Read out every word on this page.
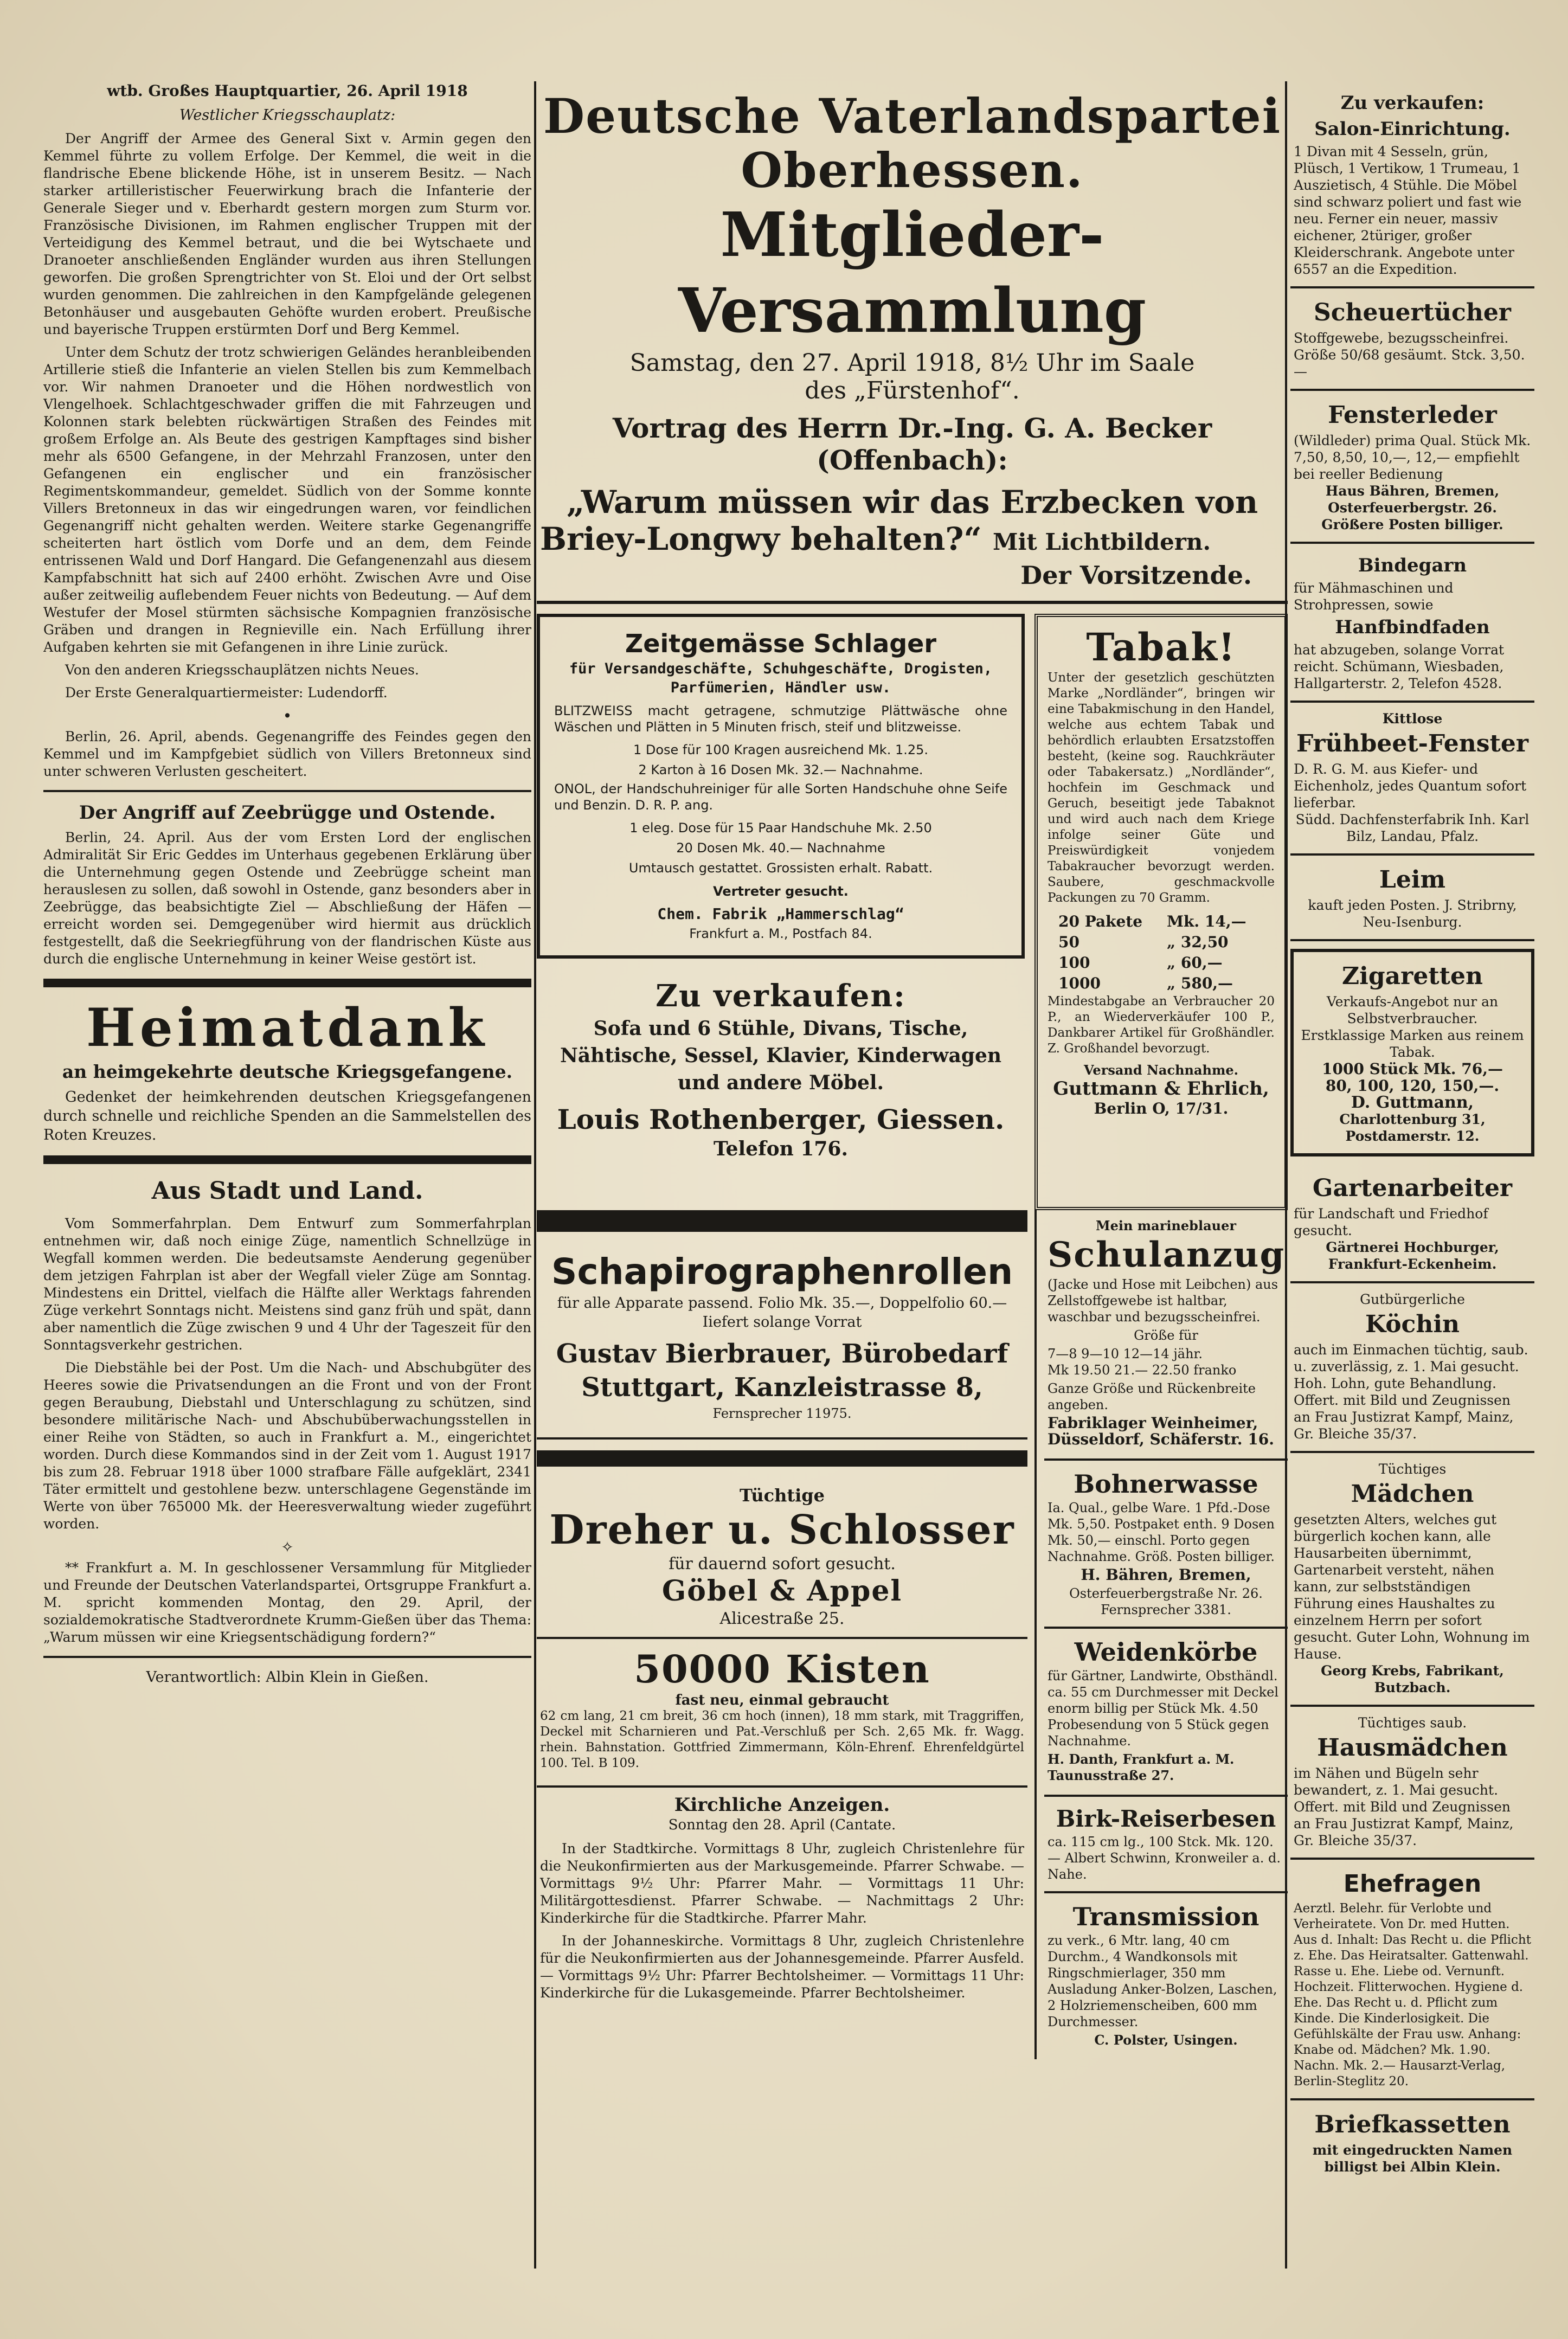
wtb. Großes Hauptquartier, 26. April 1918

Westlicher Kriegsschauplatz:

Der Angriff der Armee des General Sixt v. Armin gegen den Kemmel führte zu vollem Erfolge. Der Kemmel, die weit in die flandrische Ebene blickende Höhe, ist in unserem Besitz. — Nach starker artilleristischer Feuerwirkung brach die Infanterie der Generale Sieger und v. Eberhardt gestern morgen zum Sturm vor. Französische Divisionen, im Rahmen englischer Truppen mit der Verteidigung des Kemmel betraut, und die bei Wytschaete und Dranoeter anschließenden Engländer wurden aus ihren Stellungen geworfen. Die großen Sprengtrichter von St. Eloi und der Ort selbst wurden genommen. Die zahlreichen in den Kampfgelände gelegenen Betonhäuser und ausgebauten Gehöfte wurden erobert. Preußische und bayerische Truppen erstürmten Dorf und Berg Kemmel.

Unter dem Schutz der trotz schwierigen Geländes heranbleibenden Artillerie stieß die Infanterie an vielen Stellen bis zum Kemmelbach vor. Wir nahmen Dranoeter und die Höhen nordwestlich von Vlengelhoek. Schlachtgeschwader griffen die mit Fahrzeugen und Kolonnen stark belebten rückwärtigen Straßen des Feindes mit großem Erfolge an. Als Beute des gestrigen Kampftages sind bisher mehr als 6500 Gefangene, in der Mehrzahl Franzosen, unter den Gefangenen ein englischer und ein französischer Regimentskommandeur, gemeldet. Südlich von der Somme konnte Villers Bretonneux in das wir eingedrungen waren, vor feindlichen Gegenangriff nicht gehalten werden. Weitere starke Gegenangriffe scheiterten hart östlich vom Dorfe und an dem, dem Feinde entrissenen Wald und Dorf Hangard. Die Gefangenenzahl aus diesem Kampfabschnitt hat sich auf 2400 erhöht. Zwischen Avre und Oise außer zeitweilig auflebendem Feuer nichts von Bedeutung. — Auf dem Westufer der Mosel stürmten sächsische Kompagnien französische Gräben und drangen in Regnieville ein. Nach Erfüllung ihrer Aufgaben kehrten sie mit Gefangenen in ihre Linie zurück.

Von den anderen Kriegsschauplätzen nichts Neues.

Der Erste Generalquartiermeister: Ludendorff.

•

Berlin, 26. April, abends. Gegenangriffe des Feindes gegen den Kemmel und im Kampfgebiet südlich von Villers Bretonneux sind unter schweren Verlusten gescheitert.

Der Angriff auf Zeebrügge und Ostende.

Berlin, 24. April. Aus der vom Ersten Lord der englischen Admiralität Sir Eric Geddes im Unterhaus gegebenen Erklärung über die Unternehmung gegen Ostende und Zeebrügge scheint man herauslesen zu sollen, daß sowohl in Ostende, ganz besonders aber in Zeebrügge, das beabsichtigte Ziel — Abschließung der Häfen — erreicht worden sei. Demgegenüber wird hiermit aus drücklich festgestellt, daß die Seekriegführung von der flandrischen Küste aus durch die englische Unternehmung in keiner Weise gestört ist.

Heimatdank

an heimgekehrte deutsche Kriegsgefangene.

Gedenket der heimkehrenden deutschen Kriegsgefangenen durch schnelle und reichliche Spenden an die Sammelstellen des Roten Kreuzes.

Aus Stadt und Land.

Vom Sommerfahrplan. Dem Entwurf zum Sommerfahrplan entnehmen wir, daß noch einige Züge, namentlich Schnellzüge in Wegfall kommen werden. Die bedeutsamste Aenderung gegenüber dem jetzigen Fahrplan ist aber der Wegfall vieler Züge am Sonntag. Mindestens ein Drittel, vielfach die Hälfte aller Werktags fahrenden Züge verkehrt Sonntags nicht. Meistens sind ganz früh und spät, dann aber namentlich die Züge zwischen 9 und 4 Uhr der Tageszeit für den Sonntagsverkehr gestrichen.

Die Diebstähle bei der Post. Um die Nach- und Abschubgüter des Heeres sowie die Privatsendungen an die Front und von der Front gegen Beraubung, Diebstahl und Unterschlagung zu schützen, sind besondere militärische Nach- und Abschubüberwachungsstellen in einer Reihe von Städten, so auch in Frankfurt a. M., eingerichtet worden. Durch diese Kommandos sind in der Zeit vom 1. August 1917 bis zum 28. Februar 1918 über 1000 strafbare Fälle aufgeklärt, 2341 Täter ermittelt und gestohlene bezw. unterschlagene Gegenstände im Werte von über 765000 Mk. der Heeresverwaltung wieder zugeführt worden.

✧

** Frankfurt a. M. In geschlossener Versammlung für Mitglieder und Freunde der Deutschen Vaterlandspartei, Ortsgruppe Frankfurt a. M. spricht kommenden Montag, den 29. April, der sozialdemokratische Stadtverordnete Krumm-Gießen über das Thema: „Warum müssen wir eine Kriegsentschädigung fordern?“

Verantwortlich: Albin Klein in Gießen.

Deutsche Vaterlandspartei

Oberhessen.

Mitglieder-Versammlung

Samstag, den 27. April 1918, 8½ Uhr im Saale

des „Fürstenhof“.

Vortrag des Herrn Dr.-Ing. G. A. Becker (Offenbach):

„Warum müssen wir das Erzbecken von

Briey-Longwy behalten?“ Mit Lichtbildern.

Der Vorsitzende.

Zeitgemässe Schlager

für Versandgeschäfte, Schuhgeschäfte, Drogisten, Parfümerien, Händler usw.

BLITZWEISS macht getragene, schmutzige Plättwäsche ohne Wäschen und Plätten in 5 Minuten frisch, steif und blitzweisse.

1 Dose für 100 Kragen ausreichend Mk. 1.25.

2 Karton à 16 Dosen Mk. 32.— Nachnahme.

ONOL, der Handschuhreiniger für alle Sorten Handschuhe ohne Seife und Benzin. D. R. P. ang.

1 eleg. Dose für 15 Paar Handschuhe Mk. 2.50

20 Dosen Mk. 40.— Nachnahme

Umtausch gestattet. Grossisten erhalt. Rabatt.

Vertreter gesucht.

Chem. Fabrik „Hammerschlag“

Frankfurt a. M., Postfach 84.

Zu verkaufen:

Sofa und 6 Stühle, Divans, Tische, Nähtische, Sessel, Klavier, Kinderwagen und andere Möbel.

Louis Rothenberger, Giessen.

Telefon 176.

Tabak!

Unter der gesetzlich geschützten Marke „Nordländer“, bringen wir eine Tabakmischung in den Handel, welche aus echtem Tabak und behördlich erlaubten Ersatzstoffen besteht, (keine sog. Rauchkräuter oder Tabakersatz.) „Nordländer“, hochfein im Geschmack und Geruch, beseitigt jede Tabaknot und wird auch nach dem Kriege infolge seiner Güte und Preiswürdigkeit vonjedem Tabakraucher bevorzugt werden. Saubere, geschmackvolle Packungen zu 70 Gramm.

20 Pakete Mk. 14,—
50	„ 32,50
100	„ 60,—
1000	„ 580,—

Mindestabgabe an Verbraucher 20 P., an Wiederverkäufer 100 P., Dankbarer Artikel für Großhändler. Z. Großhandel bevorzugt.

Versand Nachnahme.

Guttmann & Ehrlich,

Berlin O, 17/31.

Schapirographenrollen

für alle Apparate passend. Folio Mk. 35.—, Doppelfolio 60.— Iiefert solange Vorrat

Gustav Bierbrauer, Bürobedarf

Stuttgart, Kanzleistrasse 8,

Fernsprecher 11975.

Tüchtige

Dreher u. Schlosser

für dauernd sofort gesucht.

Göbel & Appel

Alicestraße 25.

50000 Kisten

fast neu, einmal gebraucht

62 cm lang, 21 cm breit, 36 cm hoch (innen), 18 mm stark, mit Traggriffen, Deckel mit Scharnieren und Pat.-Verschluß per Sch. 2,65 Mk. fr. Wagg. rhein. Bahnstation. Gottfried Zimmermann, Köln-Ehrenf. Ehrenfeldgürtel 100. Tel. B 109.

Kirchliche Anzeigen.

Sonntag den 28. April (Cantate.

In der Stadtkirche. Vormittags 8 Uhr, zugleich Christenlehre für die Neukonfirmierten aus der Markusgemeinde. Pfarrer Schwabe. — Vormittags 9½ Uhr: Pfarrer Mahr. — Vormittags 11 Uhr: Militärgottesdienst. Pfarrer Schwabe. — Nachmittags 2 Uhr: Kinderkirche für die Stadtkirche. Pfarrer Mahr.

In der Johanneskirche. Vormittags 8 Uhr, zugleich Christenlehre für die Neukonfirmierten aus der Johannesgemeinde. Pfarrer Ausfeld. — Vormittags 9½ Uhr: Pfarrer Bechtolsheimer. — Vormittags 11 Uhr: Kinderkirche für die Lukasgemeinde. Pfarrer Bechtolsheimer.

Mein marineblauer

Schulanzug

(Jacke und Hose mit Leibchen) aus Zellstoffgewebe ist haltbar, waschbar und bezugsscheinfrei.

Größe für

7—8 9—10 12—14 jähr.

Mk 19.50 21.— 22.50 franko

Ganze Größe und Rückenbreite angeben.

Fabriklager Weinheimer, Düsseldorf, Schäferstr. 16.

Bohnerwasse

Ia. Qual., gelbe Ware. 1 Pfd.-Dose Mk. 5,50. Postpaket enth. 9 Dosen Mk. 50,— einschl. Porto gegen Nachnahme. Größ. Posten billiger.

H. Bähren, Bremen,

Osterfeuerbergstraße Nr. 26. Fernsprecher 3381.

Weidenkörbe

für Gärtner, Landwirte, Obsthändl. ca. 55 cm Durchmesser mit Deckel enorm billig per Stück Mk. 4.50 Probesendung von 5 Stück gegen Nachnahme.

H. Danth, Frankfurt a. M. Taunusstraße 27.

Birk-Reiserbesen

ca. 115 cm lg., 100 Stck. Mk. 120.— Albert Schwinn, Kronweiler a. d. Nahe.

Transmission

zu verk., 6 Mtr. lang, 40 cm Durchm., 4 Wandkonsols mit Ringschmierlager, 350 mm Ausladung Anker-Bolzen, Laschen, 2 Holzriemenscheiben, 600 mm Durchmesser.

C. Polster, Usingen.

Zu verkaufen:

Salon-Einrichtung.

1 Divan mit 4 Sesseln, grün, Plüsch, 1 Vertikow, 1 Trumeau, 1 Auszietisch, 4 Stühle. Die Möbel sind schwarz poliert und fast wie neu. Ferner ein neuer, massiv eichener, 2türiger, großer Kleiderschrank. Angebote unter 6557 an die Expedition.

Scheuertücher

Stoffgewebe, bezugsscheinfrei. Größe 50/68 gesäumt. Stck. 3,50.—

Fensterleder

(Wildleder) prima Qual. Stück Mk. 7,50, 8,50, 10,—, 12,— empfiehlt bei reeller Bedienung

Haus Bähren, Bremen, Osterfeuerbergstr. 26.

Größere Posten billiger.

Bindegarn

für Mähmaschinen und Strohpressen, sowie

Hanfbindfaden

hat abzugeben, solange Vorrat reicht. Schümann, Wiesbaden, Hallgarterstr. 2, Telefon 4528.

Kittlose

Frühbeet-Fenster

D. R. G. M. aus Kiefer- und Eichenholz, jedes Quantum sofort lieferbar.

Südd. Dachfensterfabrik Inh. Karl Bilz, Landau, Pfalz.

Leim

kauft jeden Posten. J. Stribrny, Neu-Isenburg.

Zigaretten

Verkaufs-Angebot nur an Selbstverbraucher.

Erstklassige Marken aus reinem Tabak.

1000 Stück Mk. 76,—

80, 100, 120, 150,—.

D. Guttmann,

Charlottenburg 31, Postdamerstr. 12.

Gartenarbeiter

für Landschaft und Friedhof gesucht.

Gärtnerei Hochburger, Frankfurt-Eckenheim.

Gutbürgerliche

Köchin

auch im Einmachen tüchtig, saub. u. zuverlässig, z. 1. Mai gesucht. Hoh. Lohn, gute Behandlung. Offert. mit Bild und Zeugnissen an Frau Justizrat Kampf, Mainz, Gr. Bleiche 35/37.

Tüchtiges

Mädchen

gesetzten Alters, welches gut bürgerlich kochen kann, alle Hausarbeiten übernimmt, Gartenarbeit versteht, nähen kann, zur selbstständigen Führung eines Haushaltes zu einzelnem Herrn per sofort gesucht. Guter Lohn, Wohnung im Hause.

Georg Krebs, Fabrikant, Butzbach.

Tüchtiges saub.

Hausmädchen

im Nähen und Bügeln sehr bewandert, z. 1. Mai gesucht. Offert. mit Bild und Zeugnissen an Frau Justizrat Kampf, Mainz, Gr. Bleiche 35/37.

Ehefragen

Aerztl. Belehr. für Verlobte und Verheiratete. Von Dr. med Hutten. Aus d. Inhalt: Das Recht u. die Pflicht z. Ehe. Das Heiratsalter. Gattenwahl. Rasse u. Ehe. Liebe od. Vernunft. Hochzeit. Flitterwochen. Hygiene d. Ehe. Das Recht u. d. Pflicht zum Kinde. Die Kinderlosigkeit. Die Gefühlskälte der Frau usw. Anhang: Knabe od. Mädchen? Mk. 1.90. Nachn. Mk. 2.— Hausarzt-Verlag, Berlin-Steglitz 20.

Briefkassetten

mit eingedruckten Namen billigst bei Albin Klein.
